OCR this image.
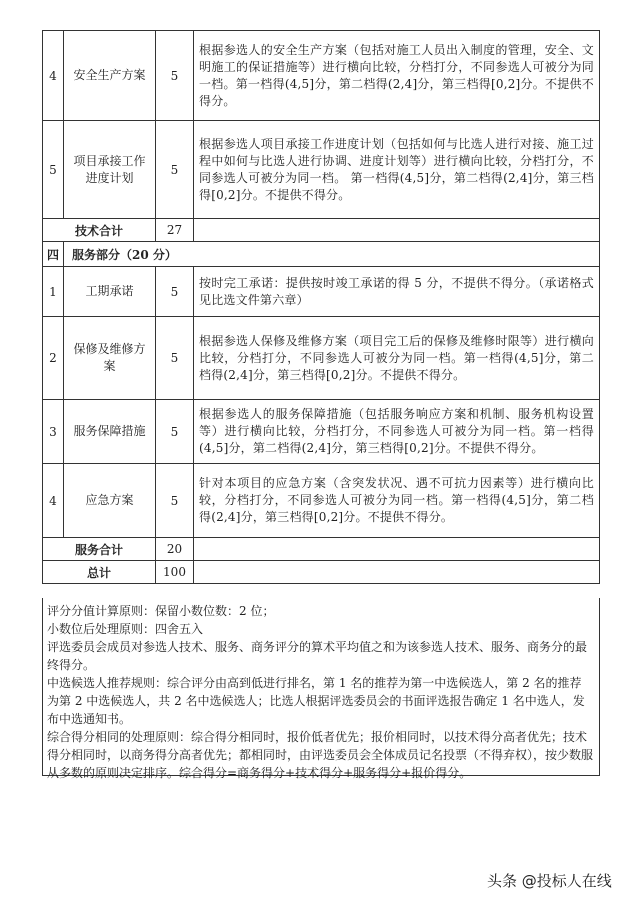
4	安全生产方案	5	根据参选人的安全生产方案（包括对施工人员出入制度的管理，安全、文明施工的保证措施等）进行横向比较，分档打分，不同参选人可被分为同一档。第一档得(4,5]分，第二档得(2,4]分，第三档得[0,2]分。不提供不得分。
5	项目承接工作进度计划	5	根据参选人项目承接工作进度计划（包括如何与比选人进行对接、施工过程中如何与比选人进行协调、进度计划等）进行横向比较，分档打分，不同参选人可被分为同一档。 第一档得(4,5]分，第二档得(2,4]分，第三档得[0,2]分。不提供不得分。
技术合计		27	
四	服务部分（20 分）		
1	工期承诺	5	按时完工承诺：提供按时竣工承诺的得 5 分，不提供不得分。（承诺格式见比选文件第六章）
2	保修及维修方案	5	根据参选人保修及维修方案（项目完工后的保修及维修时限等）进行横向比较，分档打分，不同参选人可被分为同一档。第一档得(4,5]分，第二档得(2,4]分，第三档得[0,2]分。不提供不得分。
3	服务保障措施	5	根据参选人的服务保障措施（包括服务响应方案和机制、服务机构设置等）进行横向比较，分档打分，不同参选人可被分为同一档。第一档得(4,5]分，第二档得(2,4]分，第三档得[0,2]分。不提供不得分。
4	应急方案	5	针对本项目的应急方案（含突发状况、遇不可抗力因素等）进行横向比较，分档打分，不同参选人可被分为同一档。第一档得(4,5]分，第二档得(2,4]分，第三档得[0,2]分。不提供不得分。
服务合计		20	
总计		100	

评分分值计算原则：保留小数位数：2 位；

小数位后处理原则：四舍五入

评选委员会成员对参选人技术、服务、商务评分的算术平均值之和为该参选人技术、服务、商务分的最终得分。

中选候选人推荐规则：综合评分由高到低进行排名，第 1 名的推荐为第一中选候选人，第 2 名的推荐为第 2 中选候选人，共 2 名中选候选人；比选人根据评选委员会的书面评选报告确定 1 名中选人，发布中选通知书。

综合得分相同的处理原则：综合得分相同时，报价低者优先；报价相同时，以技术得分高者优先；技术得分相同时，以商务得分高者优先；都相同时，由评选委员会全体成员记名投票（不得弃权），按少数服从多数的原则决定排序。综合得分=商务得分+技术得分+服务得分+报价得分。

头条 @投标人在线
